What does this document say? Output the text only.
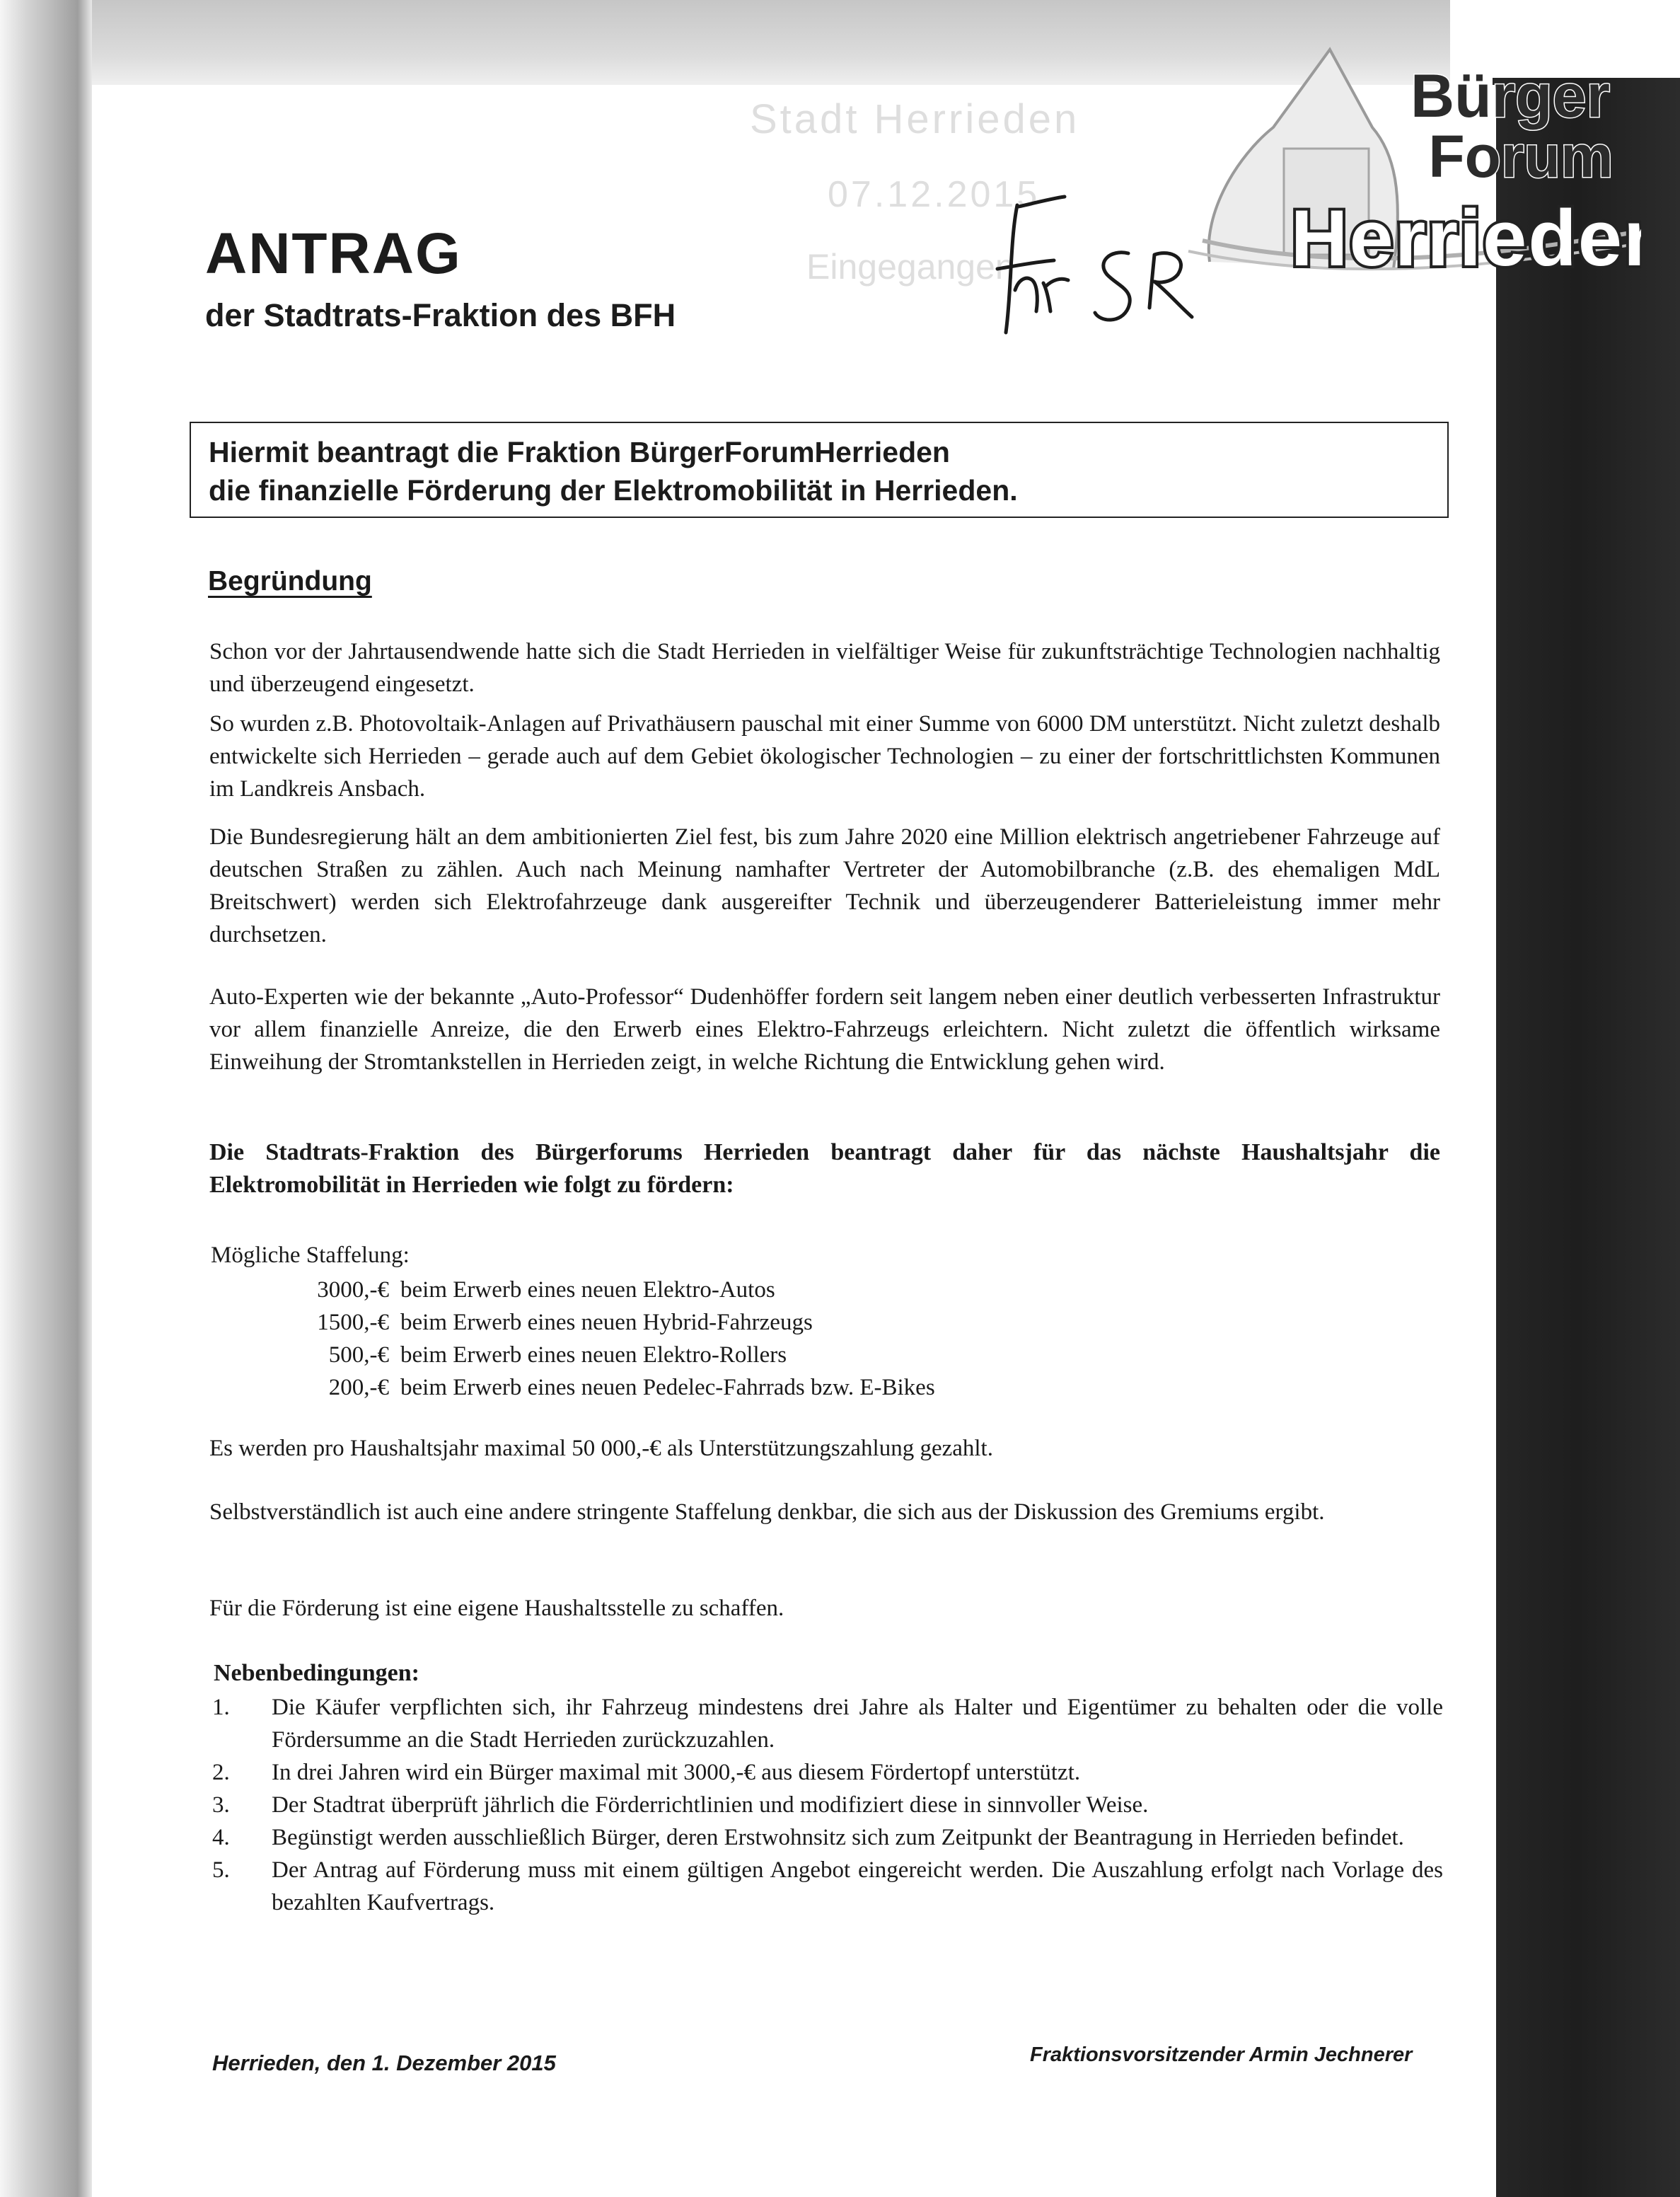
Stadt Herrieden
07.12.2015
Eingegangen
Bürger
Forum
Herrieden
ANTRAG
der Stadtrats-Fraktion des BFH
Hiermit beantragt die Fraktion BürgerForumHerrieden
die finanzielle Förderung der Elektromobilität in Herrieden.
Begründung

Schon vor der Jahrtausendwende hatte sich die Stadt Herrieden in vielfältiger Weise für zukunftsträchtige Technologien nachhaltig und überzeugend eingesetzt.

So wurden z.B. Photovoltaik-Anlagen auf Privathäusern pauschal mit einer Summe von 6000 DM unterstützt. Nicht zuletzt deshalb entwickelte sich Herrieden – gerade auch auf dem Gebiet ökologischer Technologien – zu einer der fortschrittlichsten Kommunen im Landkreis Ansbach.

Die Bundesregierung hält an dem ambitionierten Ziel fest, bis zum Jahre 2020 eine Million elektrisch angetriebener Fahrzeuge auf deutschen Straßen zu zählen. Auch nach Meinung namhafter Vertreter der Automobilbranche (z.B. des ehemaligen MdL Breitschwert) werden sich Elektrofahrzeuge dank ausgereifter Technik und überzeugenderer Batterieleistung immer mehr durchsetzen.

Auto-Experten wie der bekannte „Auto-Professor“ Dudenhöffer fordern seit langem neben einer deutlich verbesserten Infrastruktur vor allem finanzielle Anreize, die den Erwerb eines Elektro-Fahrzeugs erleichtern. Nicht zuletzt die öffentlich wirksame Einweihung der Stromtankstellen in Herrieden zeigt, in welche Richtung die Entwicklung gehen wird.

Die Stadtrats-Fraktion des Bürgerforums Herrieden beantragt daher für das nächste Haushaltsjahr die Elektromobilität in Herrieden wie folgt zu fördern:

Mögliche Staffelung:
3000,-€ beim Erwerb eines neuen Elektro-Autos
1500,-€ beim Erwerb eines neuen Hybrid-Fahrzeugs
500,-€ beim Erwerb eines neuen Elektro-Rollers
200,-€ beim Erwerb eines neuen Pedelec-Fahrrads bzw. E-Bikes

Es werden pro Haushaltsjahr maximal 50 000,-€ als Unterstützungszahlung gezahlt.

Selbstverständlich ist auch eine andere stringente Staffelung denkbar, die sich aus der Diskussion des Gremiums ergibt.

Für die Förderung ist eine eigene Haushaltsstelle zu schaffen.

Nebenbedingungen:
1.	Die Käufer verpflichten sich, ihr Fahrzeug mindestens drei Jahre als Halter und Eigentümer zu behalten oder die volle Fördersumme an die Stadt Herrieden zurückzuzahlen.
2.	In drei Jahren wird ein Bürger maximal mit 3000,-€ aus diesem Fördertopf unterstützt.
3.	Der Stadtrat überprüft jährlich die Förderrichtlinien und modifiziert diese in sinnvoller Weise.
4.	Begünstigt werden ausschließlich Bürger, deren Erstwohnsitz sich zum Zeitpunkt der Beantragung in Herrieden befindet.
5.	Der Antrag auf Förderung muss mit einem gültigen Angebot eingereicht werden. Die Auszahlung erfolgt nach Vorlage des bezahlten Kaufvertrags.
Herrieden, den 1. Dezember 2015	Fraktionsvorsitzender Armin Jechnerer
